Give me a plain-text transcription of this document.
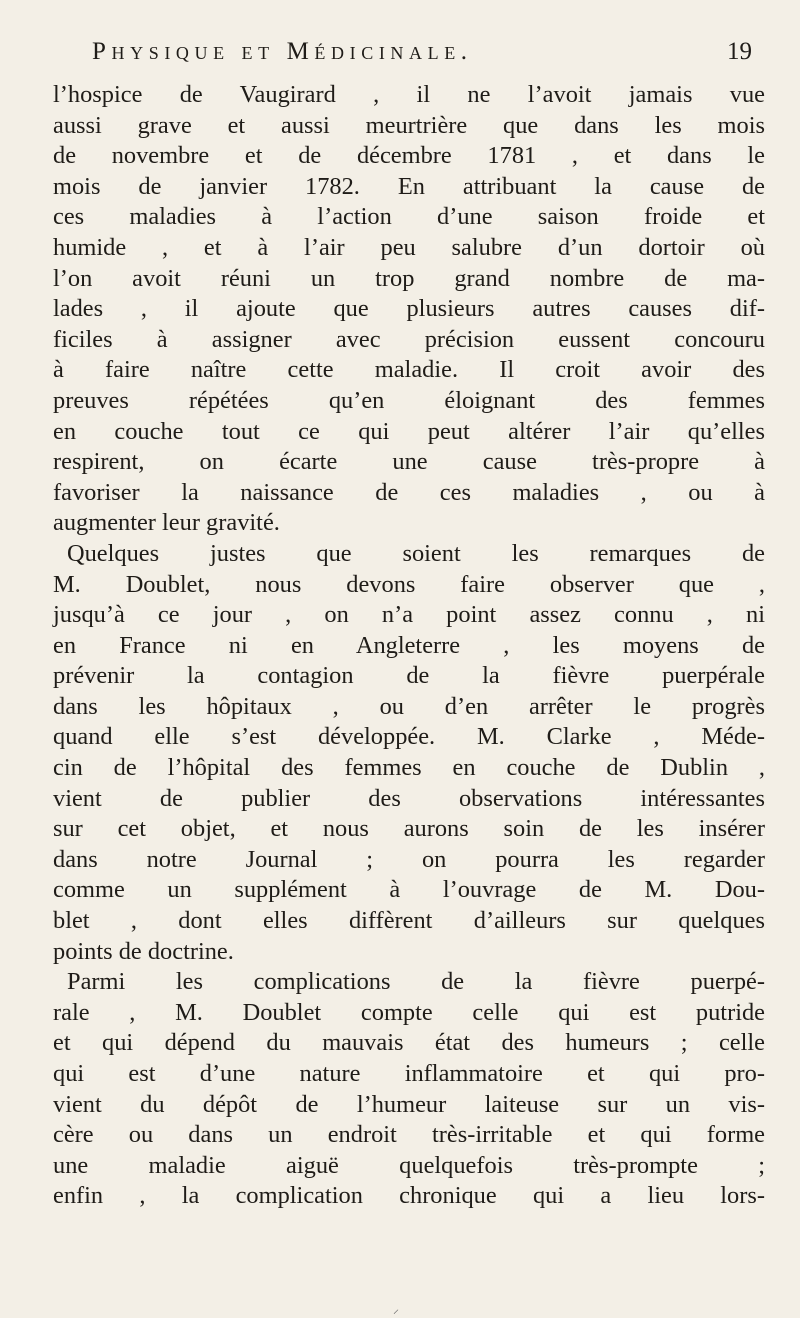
Physique et Médicinale.	19
l’hospice de Vaugirard , il ne l’avoit jamais vue
aussi grave et aussi meurtrière que dans les mois
de novembre et de décembre 1781 , et dans le
mois de janvier 1782. En attribuant la cause de
ces maladies à l’action d’une saison froide et
humide , et à l’air peu salubre d’un dortoir où
l’on avoit réuni un trop grand nombre de ma-
lades , il ajoute que plusieurs autres causes dif-
ficiles à assigner avec précision eussent concouru
à faire naître cette maladie. Il croit avoir des
preuves répétées qu’en éloignant des femmes
en couche tout ce qui peut altérer l’air qu’elles
respirent, on écarte une cause très-propre à
favoriser la naissance de ces maladies , ou à
augmenter leur gravité.
Quelques justes que soient les remarques de
M. Doublet, nous devons faire observer que ,
jusqu’à ce jour , on n’a point assez connu , ni
en France ni en Angleterre , les moyens de
prévenir la contagion de la fièvre puerpérale
dans les hôpitaux , ou d’en arrêter le progrès
quand elle s’est développée. M. Clarke , Méde-
cin de l’hôpital des femmes en couche de Dublin ,
vient de publier des observations intéressantes
sur cet objet, et nous aurons soin de les insérer
dans notre Journal ; on pourra les regarder
comme un supplément à l’ouvrage de M. Dou-
blet , dont elles diffèrent d’ailleurs sur quelques
points de doctrine.
Parmi les complications de la fièvre puerpé-
rale , M. Doublet compte celle qui est putride
et qui dépend du mauvais état des humeurs ; celle
qui est d’une nature inflammatoire et qui pro-
vient du dépôt de l’humeur laiteuse sur un vis-
cère ou dans un endroit très-irritable et qui forme
une maladie aiguë quelquefois très-prompte ;
enfin , la complication chronique qui a lieu lors-
⸝
